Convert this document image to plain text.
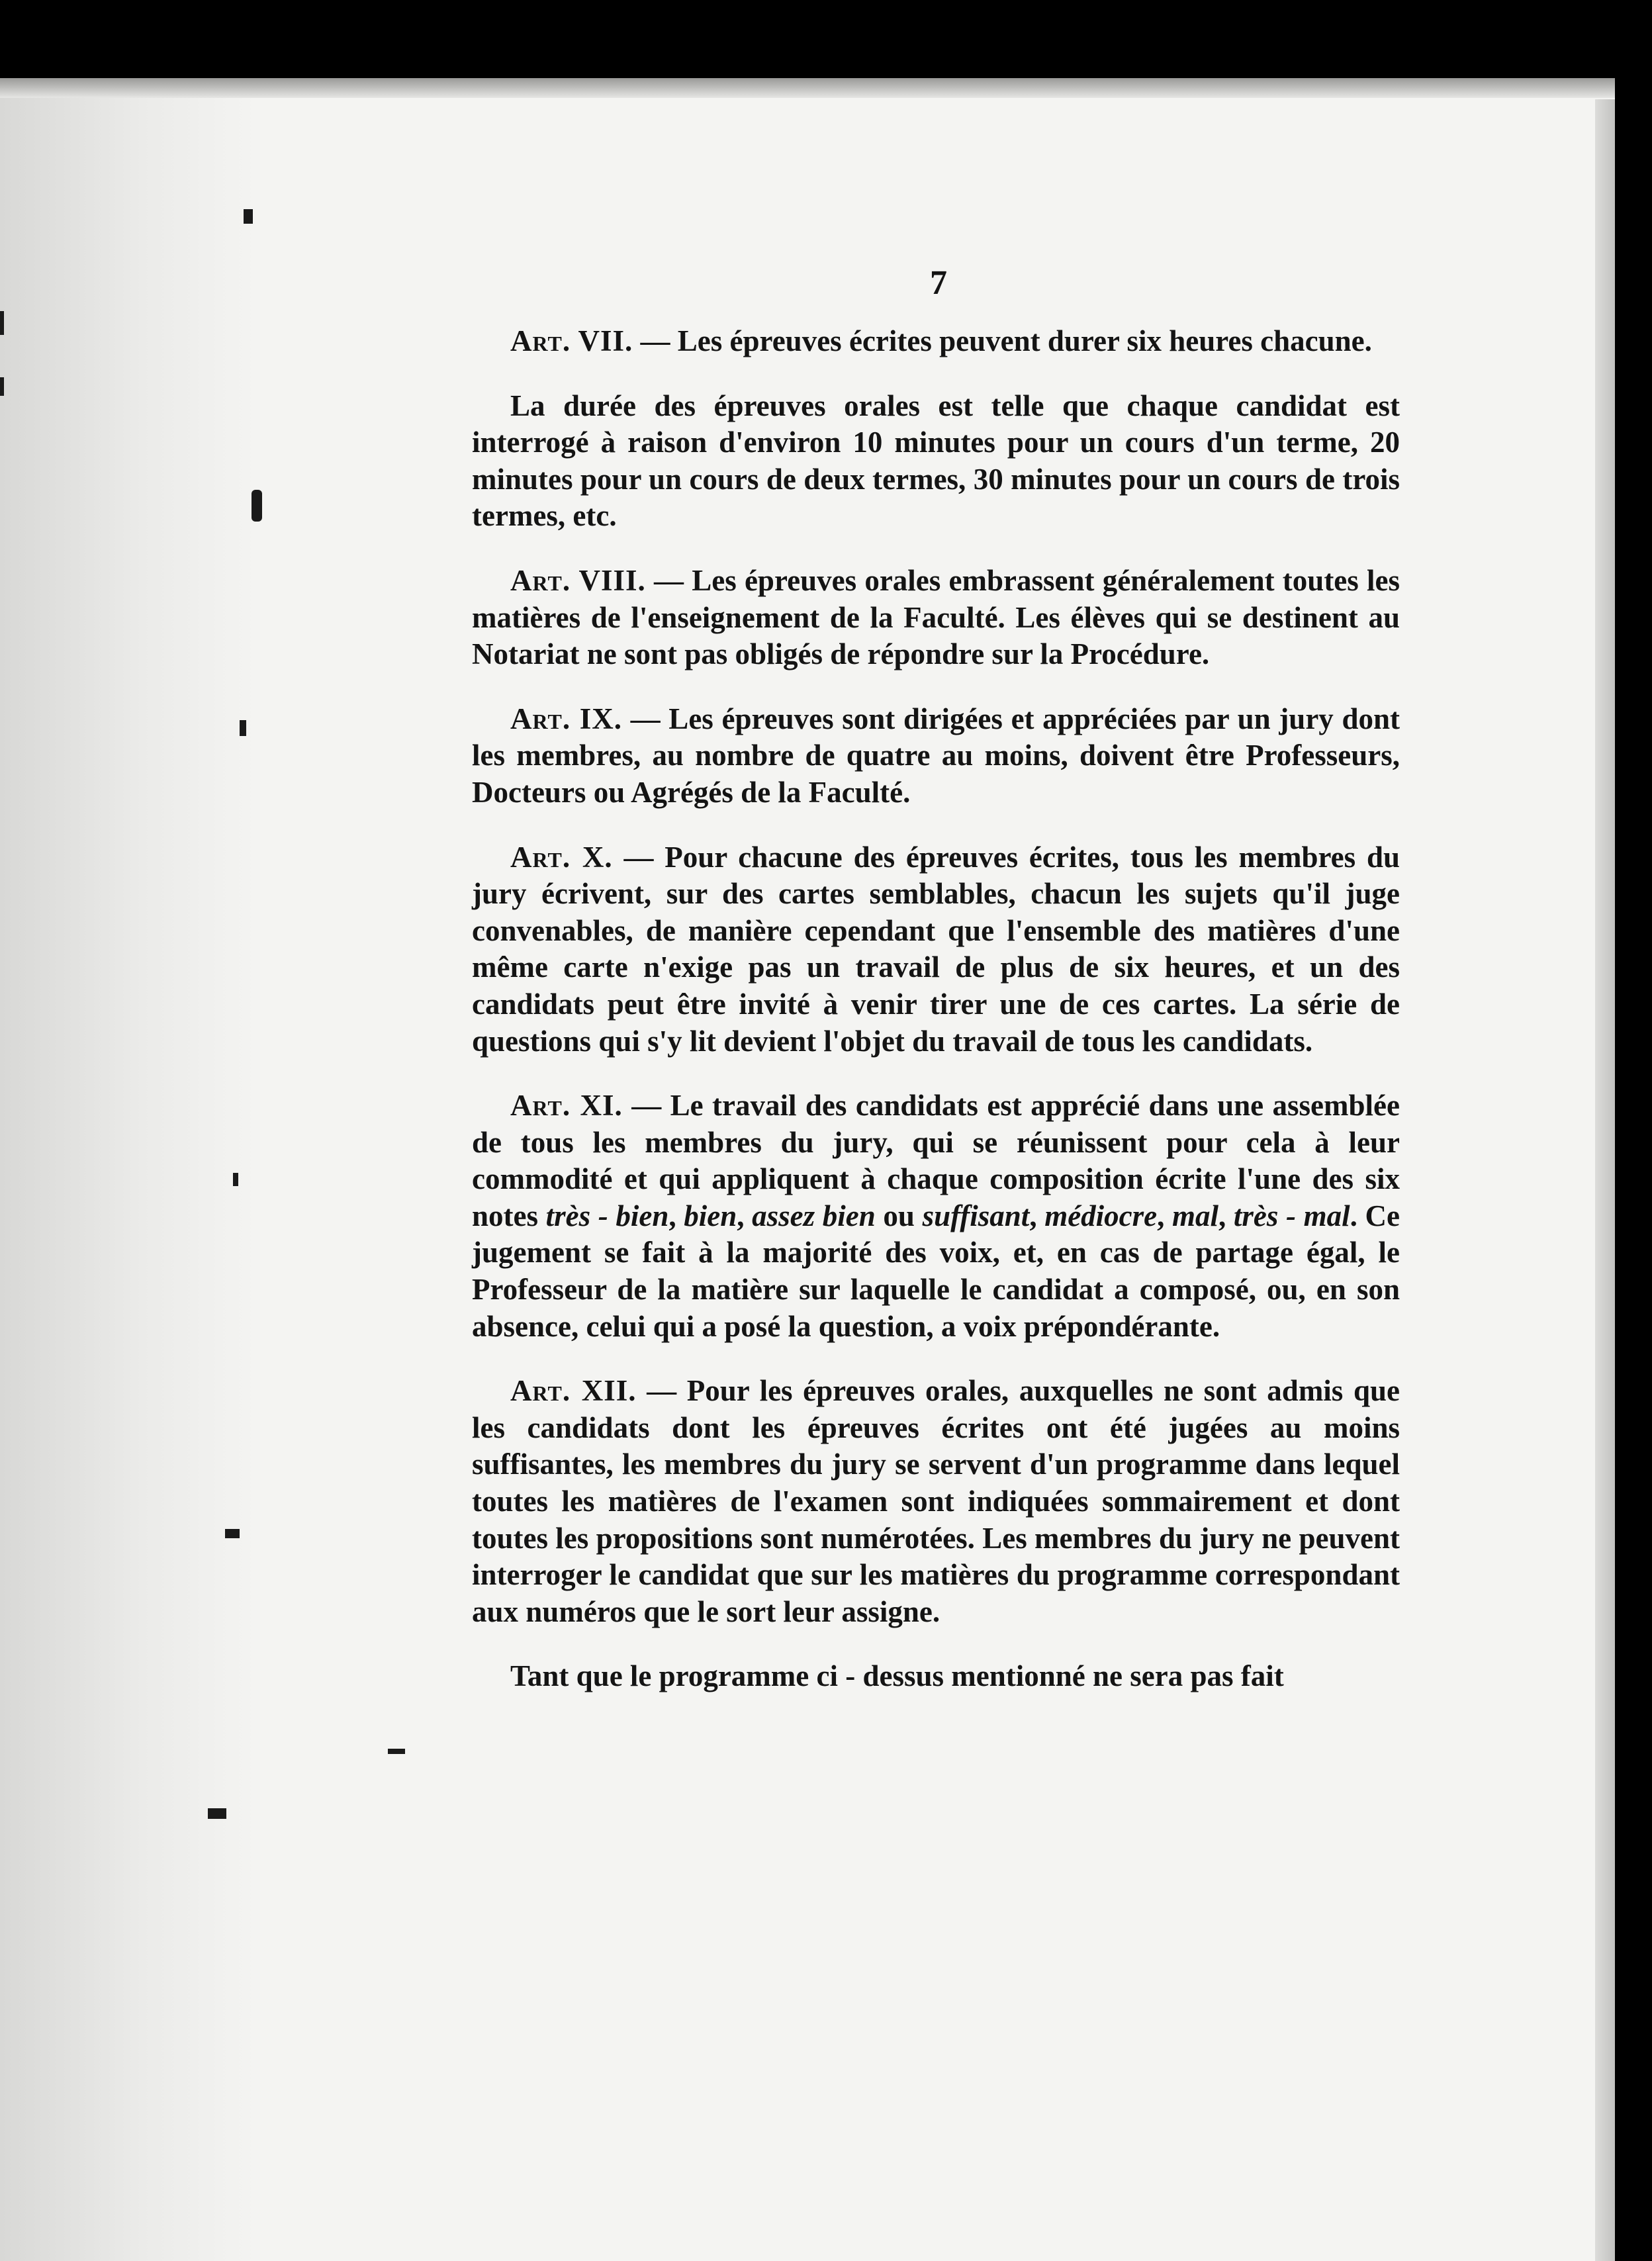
7

Art. VII. — Les épreuves écrites peuvent durer six heures chacune.

La durée des épreuves orales est telle que chaque candidat est interrogé à raison d'environ 10 minutes pour un cours d'un terme, 20 minutes pour un cours de deux termes, 30 minutes pour un cours de trois termes, etc.

Art. VIII. — Les épreuves orales embrassent généralement toutes les matières de l'enseignement de la Faculté. Les élèves qui se destinent au Notariat ne sont pas obligés de répondre sur la Procédure.

Art. IX. — Les épreuves sont dirigées et appréciées par un jury dont les membres, au nombre de quatre au moins, doivent être Professeurs, Docteurs ou Agrégés de la Faculté.

Art. X. — Pour chacune des épreuves écrites, tous les membres du jury écrivent, sur des cartes semblables, chacun les sujets qu'il juge convenables, de manière cependant que l'ensemble des matières d'une même carte n'exige pas un travail de plus de six heures, et un des candidats peut être invité à venir tirer une de ces cartes. La série de questions qui s'y lit devient l'objet du travail de tous les candidats.

Art. XI. — Le travail des candidats est apprécié dans une assemblée de tous les membres du jury, qui se réunissent pour cela à leur commodité et qui appliquent à chaque composition écrite l'une des six notes très - bien, bien, assez bien ou suffisant, médiocre, mal, très - mal. Ce jugement se fait à la majorité des voix, et, en cas de partage égal, le Professeur de la matière sur laquelle le candidat a composé, ou, en son absence, celui qui a posé la question, a voix prépondérante.

Art. XII. — Pour les épreuves orales, auxquelles ne sont admis que les candidats dont les épreuves écrites ont été jugées au moins suffisantes, les membres du jury se servent d'un programme dans lequel toutes les matières de l'examen sont indiquées sommairement et dont toutes les propositions sont numérotées. Les membres du jury ne peuvent interroger le candidat que sur les matières du programme correspondant aux numéros que le sort leur assigne.

Tant que le programme ci - dessus mentionné ne sera pas fait
